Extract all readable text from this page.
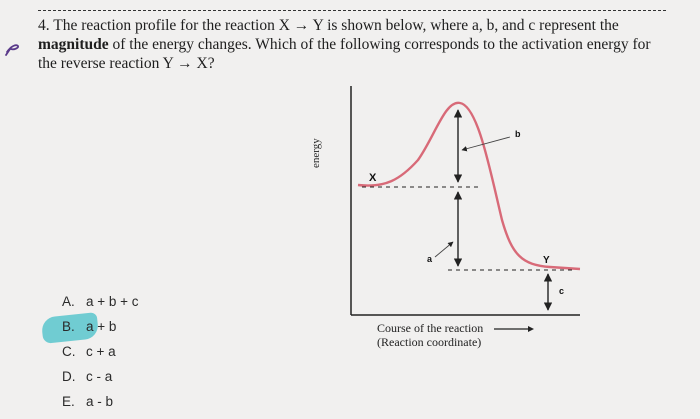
4. The reaction profile for the reaction X → Y is shown below, where a, b, and c represent the
magnitude of the energy changes. Which of the following corresponds to the activation energy for
the reverse reaction Y → X?
energy
X
b
a	Y
c
Course of the reaction
(Reaction coordinate)
A. a + b + c
B. a + b
C. c + a
D. c - a
E. a - b
